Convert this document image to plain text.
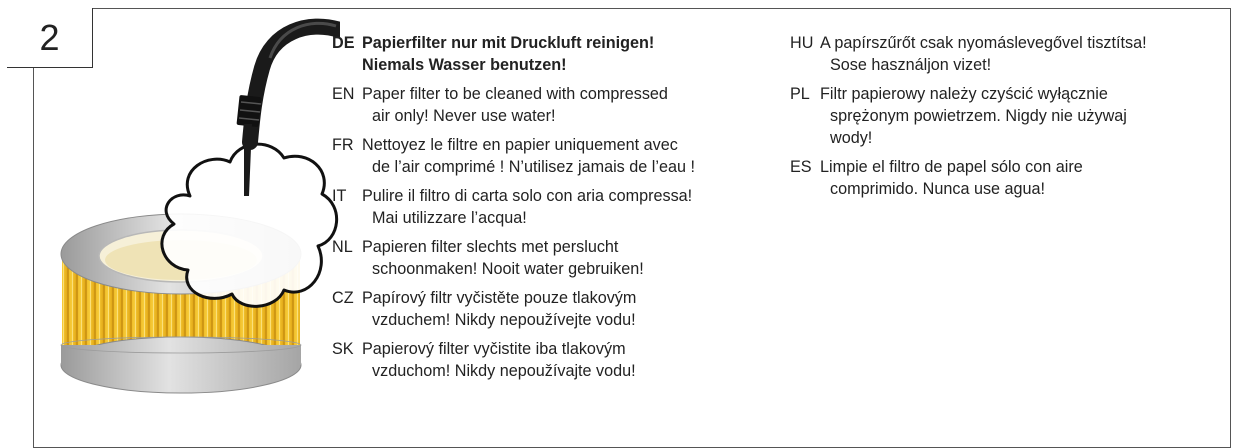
2	DE Papierfilter nur mit Druckluft reinigen!
Niemals Wasser benutzen!
EN Paper filter to be cleaned with compressed
air only! Never use water!
FR Nettoyez le filtre en papier uniquement avec
de l’air comprimé ! N’utilisez jamais de l’eau !
IT Pulire il filtro di carta solo con aria compressa!
Mai utilizzare l’acqua!
NL Papieren filter slechts met perslucht
schoonmaken! Nooit water gebruiken!
CZ Papírový filtr vyčistěte pouze tlakovým
vzduchem! Nikdy nepoužívejte vodu!
SK Papierový filter vyčistite iba tlakovým
vzduchom! Nikdy nepoužívajte vodu!
HU A papírszűrőt csak nyomáslevegővel tisztítsa!
Sose használjon vizet!
PL Filtr papierowy należy czyścić wyłącznie
sprężonym powietrzem. Nigdy nie używaj
wody!
ES Limpie el filtro de papel sólo con aire
comprimido. Nunca use agua!
